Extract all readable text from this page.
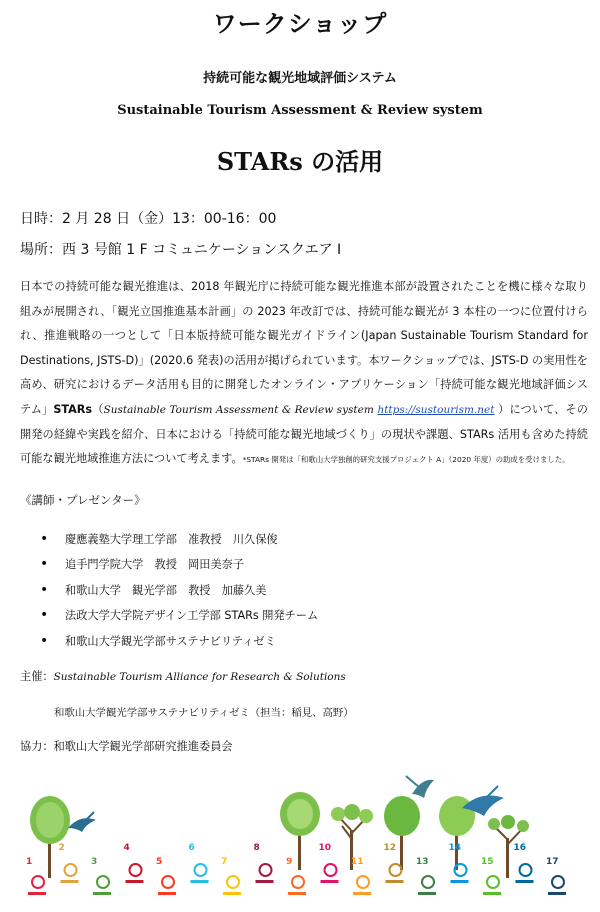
ワークショップ
持続可能な観光地域評価システム
Sustainable Tourism Assessment & Review system
STARs の活用
日時：2 月 28 日（金）13：00-16：00
場所：西 3 号館 1 F コミュニケーションスクエア I
日本での持続可能な観光推進は、2018 年観光庁に持続可能な観光推進本部が設置されたことを機に様々な取り組みが展開され、「観光立国推進基本計画」の 2023 年改訂では、持続可能な観光が 3 本柱の一つに位置付けられ、推進戦略の一つとして「日本版持続可能な観光ガイドライン(Japan Sustainable Tourism Standard for Destinations, JSTS-D)」(2020.6 発表)の活用が掲げられています。本ワークショップでは、JSTS-D の実用性を高め、研究におけるデータ活用も目的に開発したオンライン・アプリケーション「持続可能な観光地域評価システム」STARs（Sustainable Tourism Assessment & Review system https://sustourism.net ）について、その開発の経緯や実践を紹介、日本における「持続可能な観光地域づくり」の現状や課題、STARs 活用も含めた持続可能な観光地域推進方法について考えます。*STARs 開発は「和歌山大学独創的研究支援プロジェクト A」（2020 年度）の助成を受けました。
《講師・プレゼンター》
•	慶應義塾大学理工学部　准教授　川久保俊
•	追手門学院大学　教授　岡田美奈子
•	和歌山大学　観光学部　教授　加藤久美
•	法政大学大学院デザイン工学部 STARs 開発チーム
•	和歌山大学観光学部サステナビリティゼミ
主催：Sustainable Tourism Alliance for Research & Solutions
和歌山大学観光学部サステナビリティゼミ（担当：稲見、高野）
協力：和歌山大学観光学部研究推進委員会
1
2
3
4
5
6
7
8
9
10
11
12
13
14
15
16
17
